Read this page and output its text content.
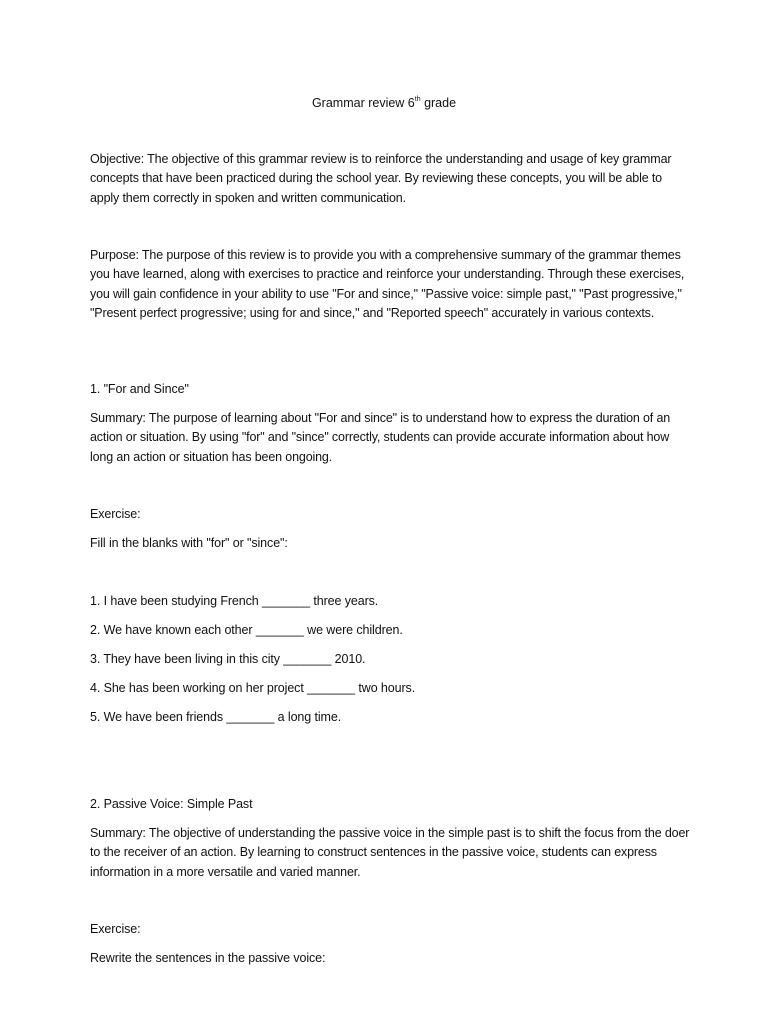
Grammar review 6th grade
Objective: The objective of this grammar review is to reinforce the understanding and usage of key grammar concepts that have been practiced during the school year. By reviewing these concepts, you will be able to apply them correctly in spoken and written communication.
Purpose: The purpose of this review is to provide you with a comprehensive summary of the grammar themes you have learned, along with exercises to practice and reinforce your understanding. Through these exercises, you will gain confidence in your ability to use "For and since," "Passive voice: simple past," "Past progressive," "Present perfect progressive; using for and since," and "Reported speech" accurately in various contexts.
1. "For and Since"
Summary: The purpose of learning about "For and since" is to understand how to express the duration of an action or situation. By using "for" and "since" correctly, students can provide accurate information about how long an action or situation has been ongoing.
Exercise:
Fill in the blanks with "for" or "since":
1. I have been studying French _______ three years.
2. We have known each other _______ we were children.
3. They have been living in this city _______ 2010.
4. She has been working on her project _______ two hours.
5. We have been friends _______ a long time.
2. Passive Voice: Simple Past
Summary: The objective of understanding the passive voice in the simple past is to shift the focus from the doer to the receiver of an action. By learning to construct sentences in the passive voice, students can express information in a more versatile and varied manner.
Exercise:
Rewrite the sentences in the passive voice:
